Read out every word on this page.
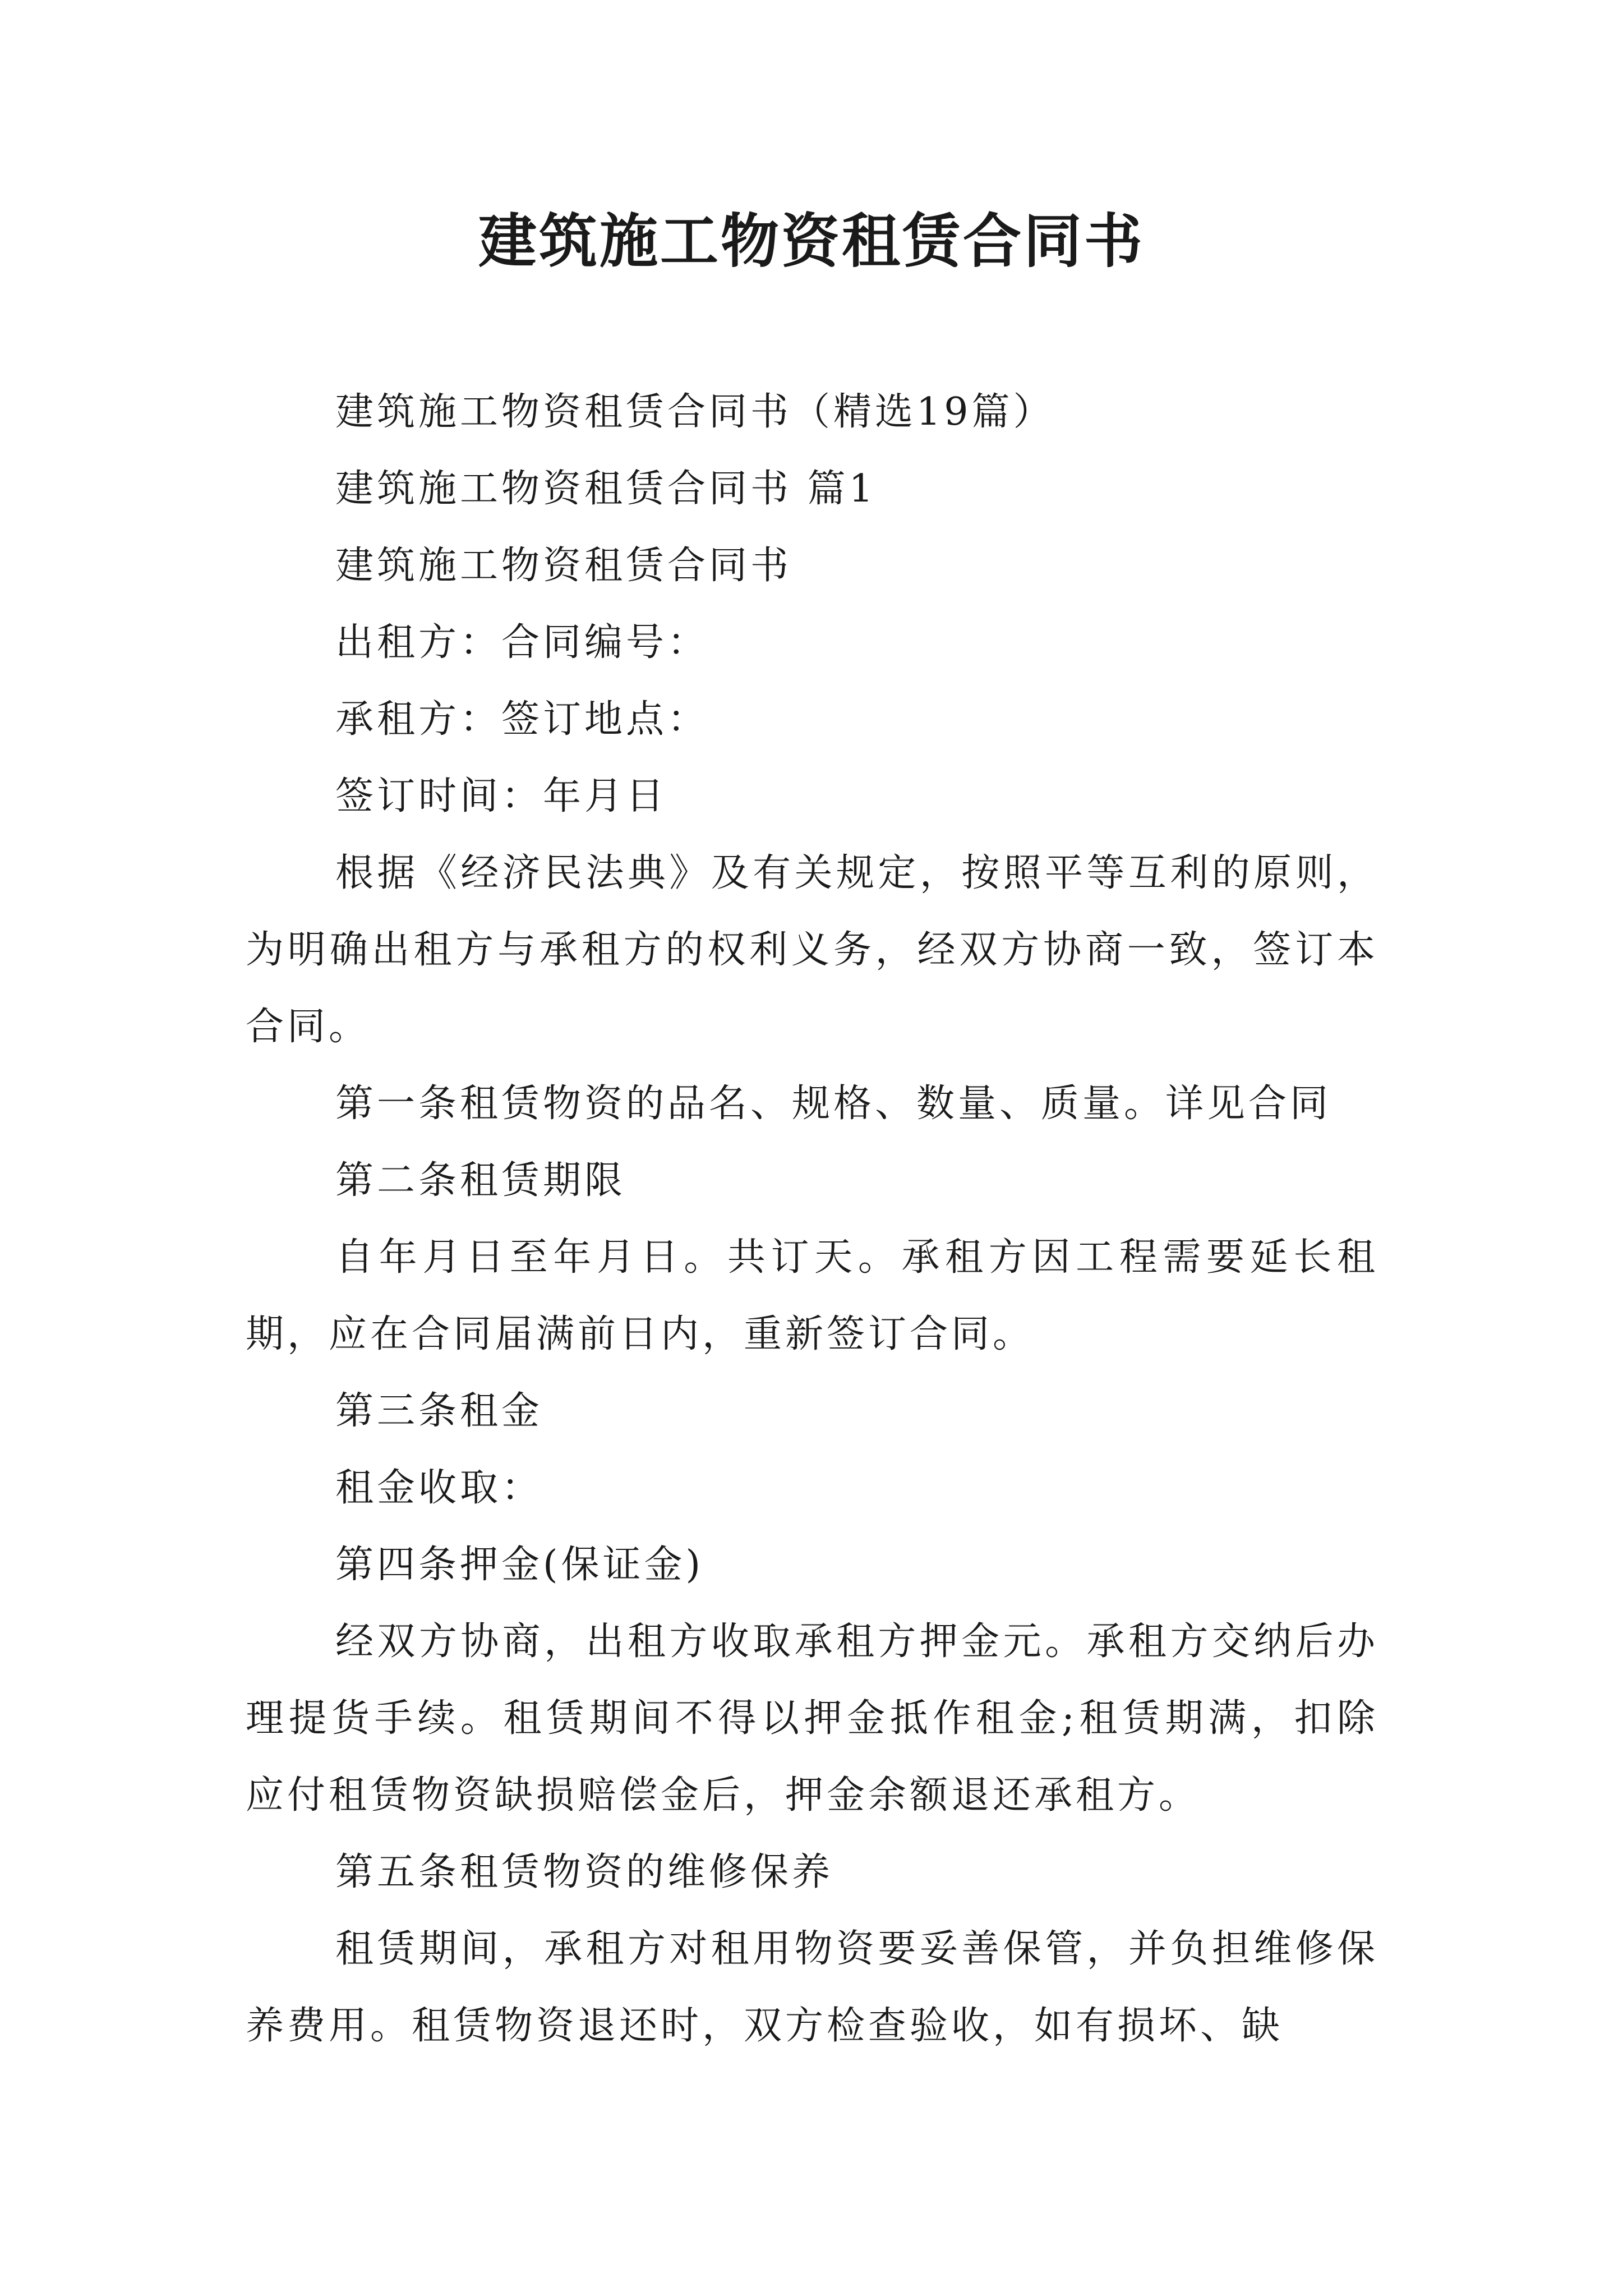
建筑施工物资租赁合同书

建筑施工物资租赁合同书（精选19篇）

建筑施工物资租赁合同书 篇1

建筑施工物资租赁合同书

出租方：合同编号：

承租方：签订地点：

签订时间：年月日

根据《经济民法典》及有关规定，按照平等互利的原则，为明确出租方与承租方的权利义务，经双方协商一致，签订本合同。

第一条租赁物资的品名、规格、数量、质量。详见合同

第二条租赁期限

自年月日至年月日。共订天。承租方因工程需要延长租期，应在合同届满前日内，重新签订合同。

第三条租金

租金收取：

第四条押金(保证金)

经双方协商，出租方收取承租方押金元。承租方交纳后办理提货手续。租赁期间不得以押金抵作租金;租赁期满，扣除应付租赁物资缺损赔偿金后，押金余额退还承租方。

第五条租赁物资的维修保养

租赁期间，承租方对租用物资要妥善保管，并负担维修保养费用。租赁物资退还时，双方检查验收，如有损坏、缺
